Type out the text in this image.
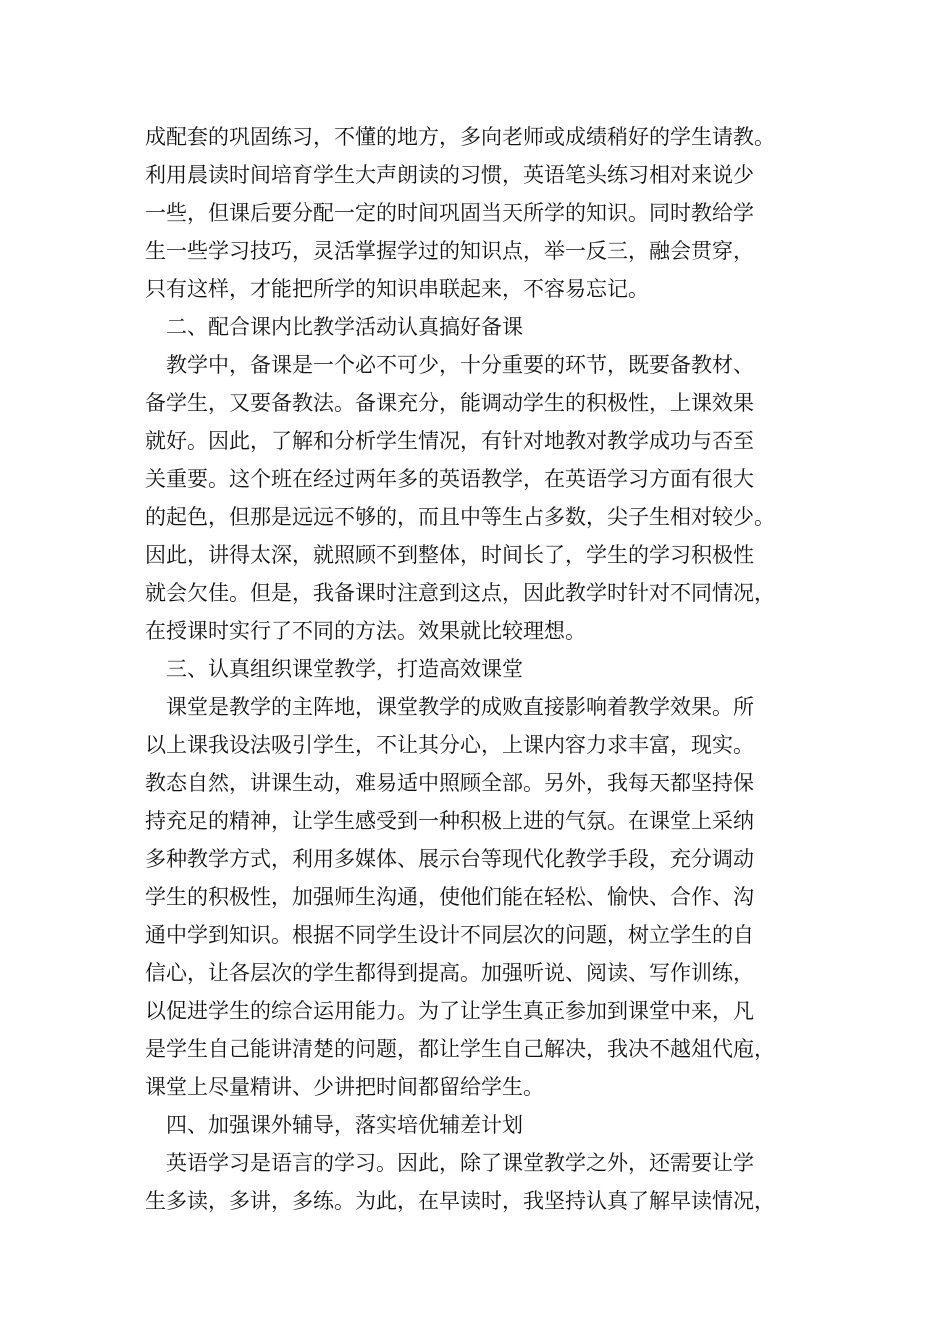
成配套的巩固练习，不懂的地方，多向老师或成绩稍好的学生请教。
利用晨读时间培育学生大声朗读的习惯，英语笔头练习相对来说少
一些，但课后要分配一定的时间巩固当天所学的知识。同时教给学
生一些学习技巧，灵活掌握学过的知识点，举一反三，融会贯穿，
只有这样，才能把所学的知识串联起来，不容易忘记。
二、配合课内比教学活动认真搞好备课
教学中，备课是一个必不可少，十分重要的环节，既要备教材、
备学生，又要备教法。备课充分，能调动学生的积极性，上课效果
就好。因此，了解和分析学生情况，有针对地教对教学成功与否至
关重要。这个班在经过两年多的英语教学，在英语学习方面有很大
的起色，但那是远远不够的，而且中等生占多数，尖子生相对较少。
因此，讲得太深，就照顾不到整体，时间长了，学生的学习积极性
就会欠佳。但是，我备课时注意到这点，因此教学时针对不同情况，
在授课时实行了不同的方法。效果就比较理想。
三、认真组织课堂教学，打造高效课堂
课堂是教学的主阵地，课堂教学的成败直接影响着教学效果。所
以上课我设法吸引学生，不让其分心，上课内容力求丰富，现实。
教态自然，讲课生动，难易适中照顾全部。另外，我每天都坚持保
持充足的精神，让学生感受到一种积极上进的气氛。在课堂上采纳
多种教学方式，利用多媒体、展示台等现代化教学手段，充分调动
学生的积极性，加强师生沟通，使他们能在轻松、愉快、合作、沟
通中学到知识。根据不同学生设计不同层次的问题，树立学生的自
信心，让各层次的学生都得到提高。加强听说、阅读、写作训练，
以促进学生的综合运用能力。为了让学生真正参加到课堂中来，凡
是学生自己能讲清楚的问题，都让学生自己解决，我决不越俎代庖，
课堂上尽量精讲、少讲把时间都留给学生。
四、加强课外辅导，落实培优辅差计划
英语学习是语言的学习。因此，除了课堂教学之外，还需要让学
生多读，多讲，多练。为此，在早读时，我坚持认真了解早读情况，
